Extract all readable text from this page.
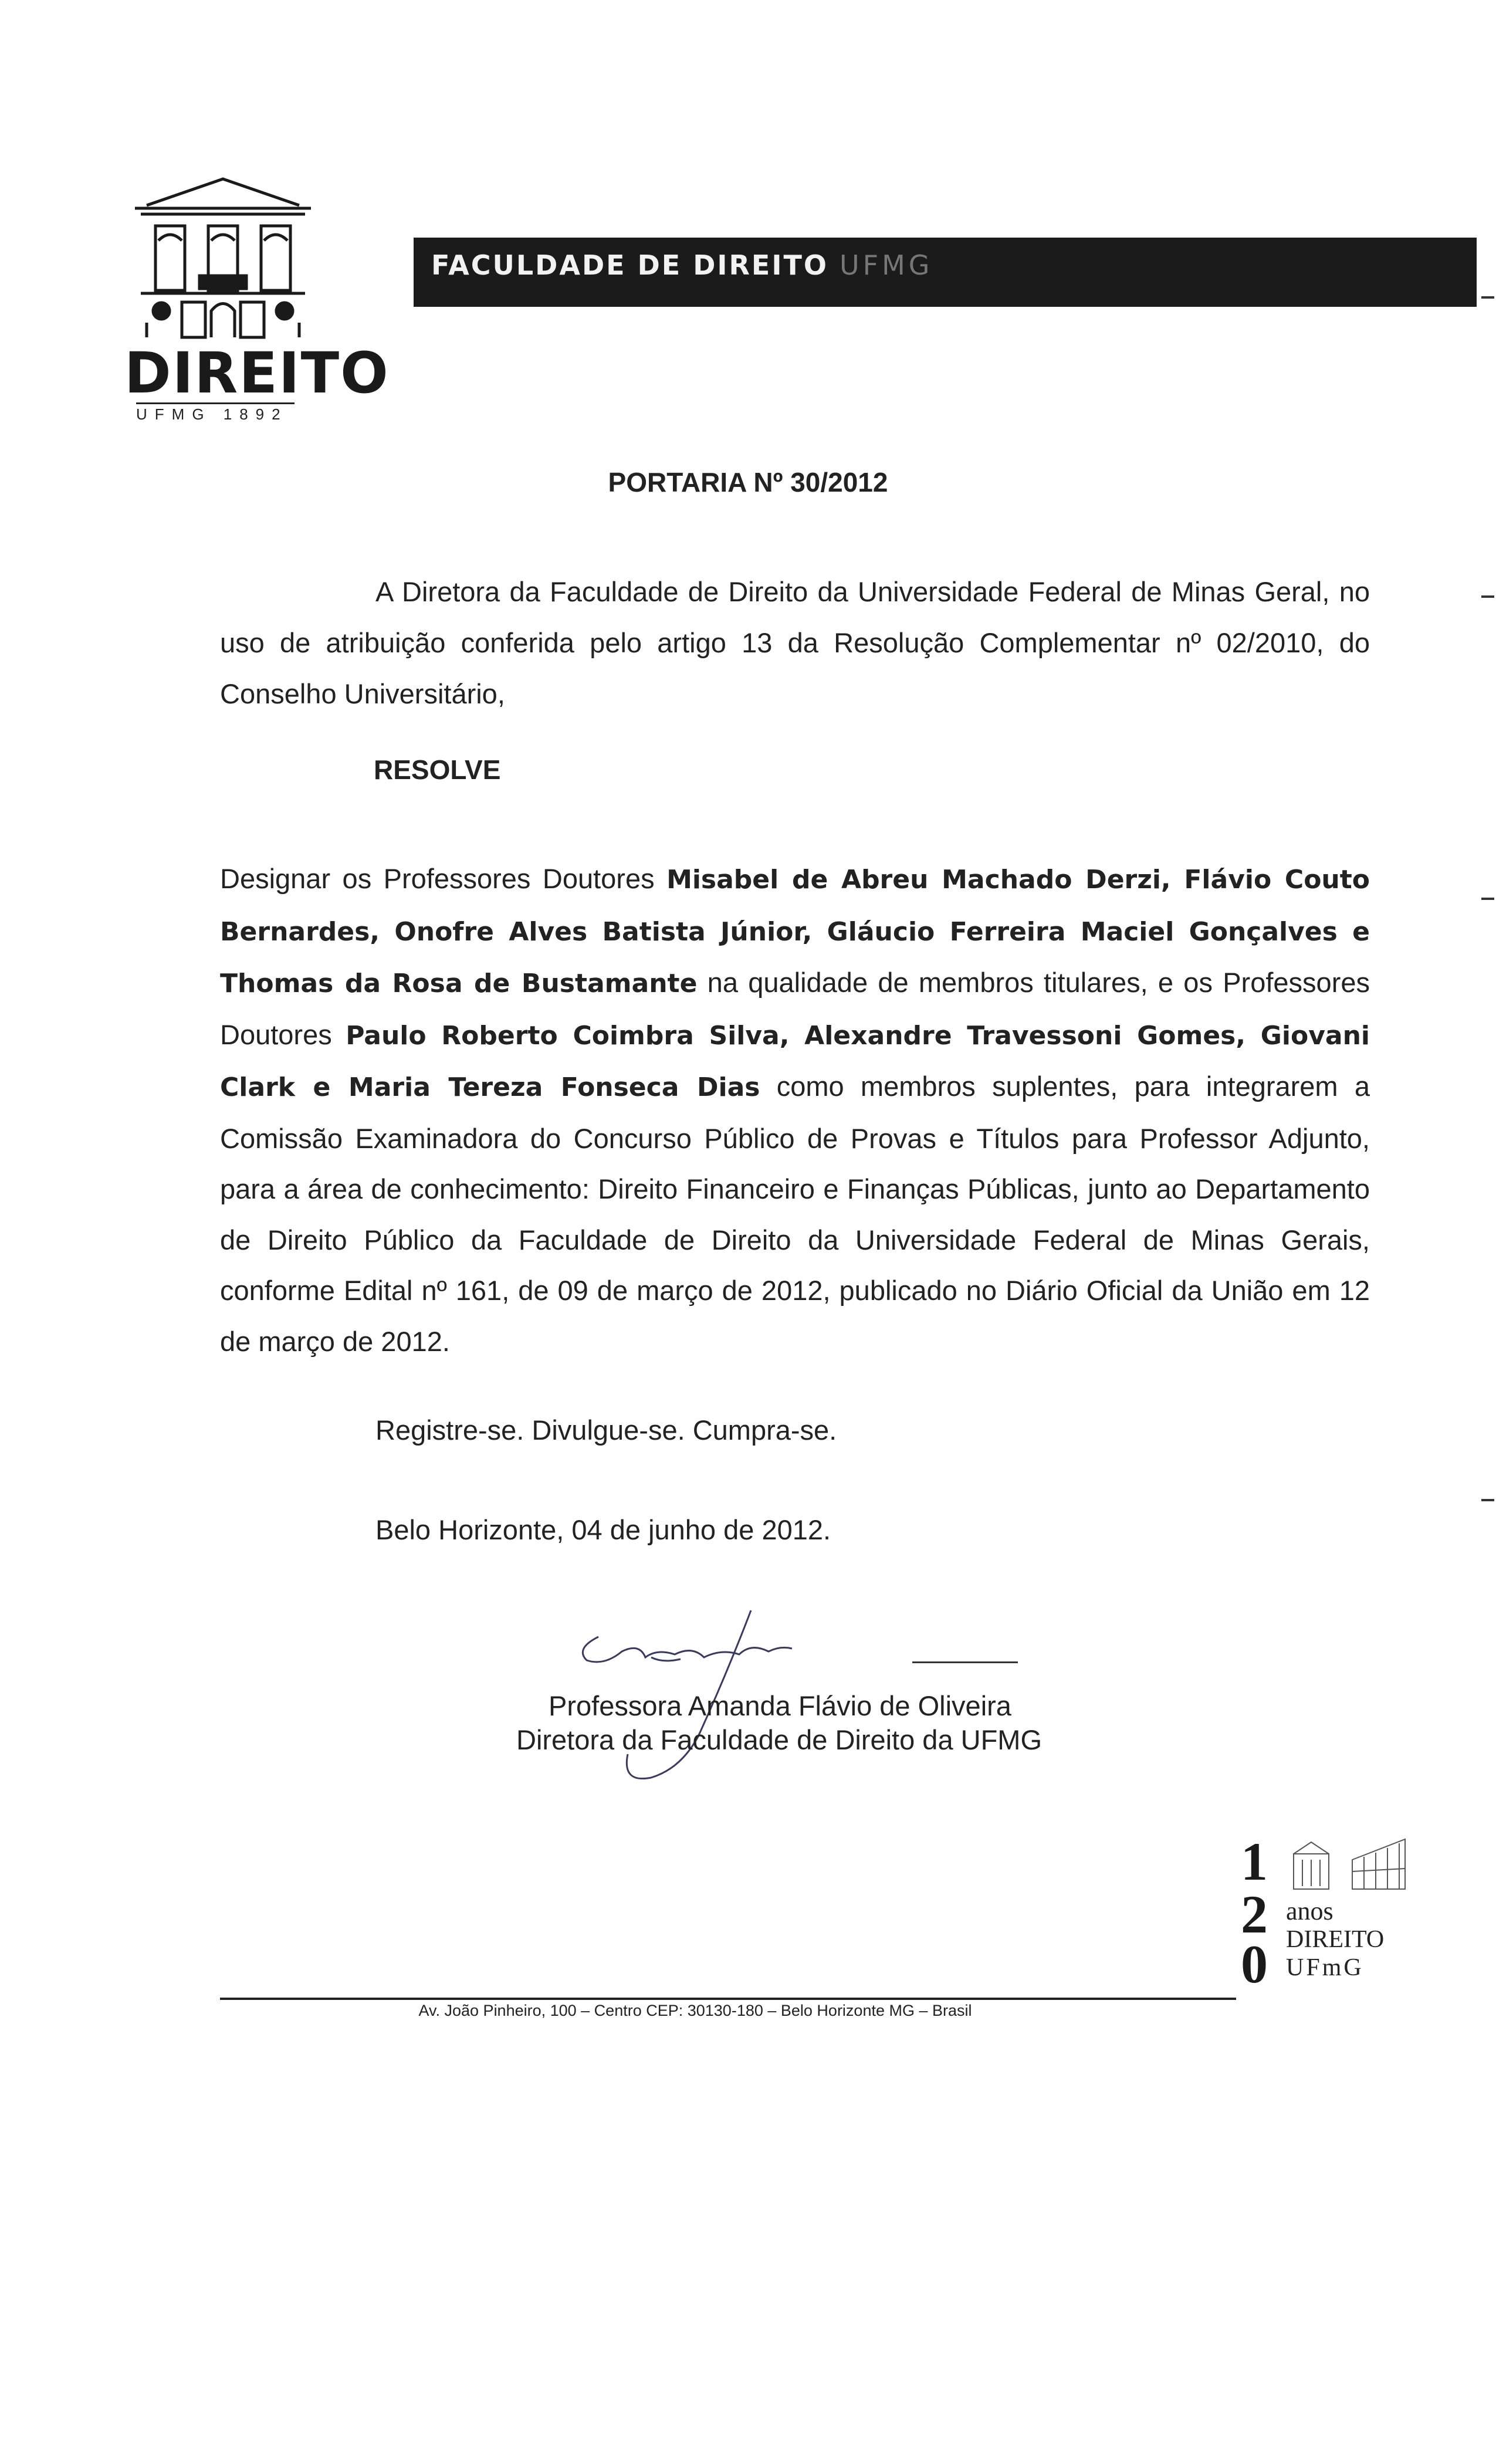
DIREITO
UFMG 1892
FACULDADE DE DIREITO UFMG
PORTARIA Nº 30/2012
A Diretora da Faculdade de Direito da Universidade Federal de Minas Geral, no uso de atribuição conferida pelo artigo 13 da Resolução Complementar nº 02/2010, do Conselho Universitário,
RESOLVE
Designar os Professores Doutores Misabel de Abreu Machado Derzi, Flávio Couto Bernardes, Onofre Alves Batista Júnior, Gláucio Ferreira Maciel Gonçalves e Thomas da Rosa de Bustamante na qualidade de membros titulares, e os Professores Doutores Paulo Roberto Coimbra Silva, Alexandre Travessoni Gomes, Giovani Clark e Maria Tereza Fonseca Dias como membros suplentes, para integrarem a Comissão Examinadora do Concurso Público de Provas e Títulos para Professor Adjunto, para a área de conhecimento: Direito Financeiro e Finanças Públicas, junto ao Departamento de Direito Público da Faculdade de Direito da Universidade Federal de Minas Gerais, conforme Edital nº 161, de 09 de março de 2012, publicado no Diário Oficial da União em 12 de março de 2012.
Registre-se. Divulgue-se. Cumpra-se.
Belo Horizonte, 04 de junho de 2012.
Professora Amanda Flávio de Oliveira
Diretora da Faculdade de Direito da UFMG
1
2
0
anos
DIREITO
UFmG
Av. João Pinheiro, 100 – Centro CEP: 30130-180 – Belo Horizonte MG – Brasil
